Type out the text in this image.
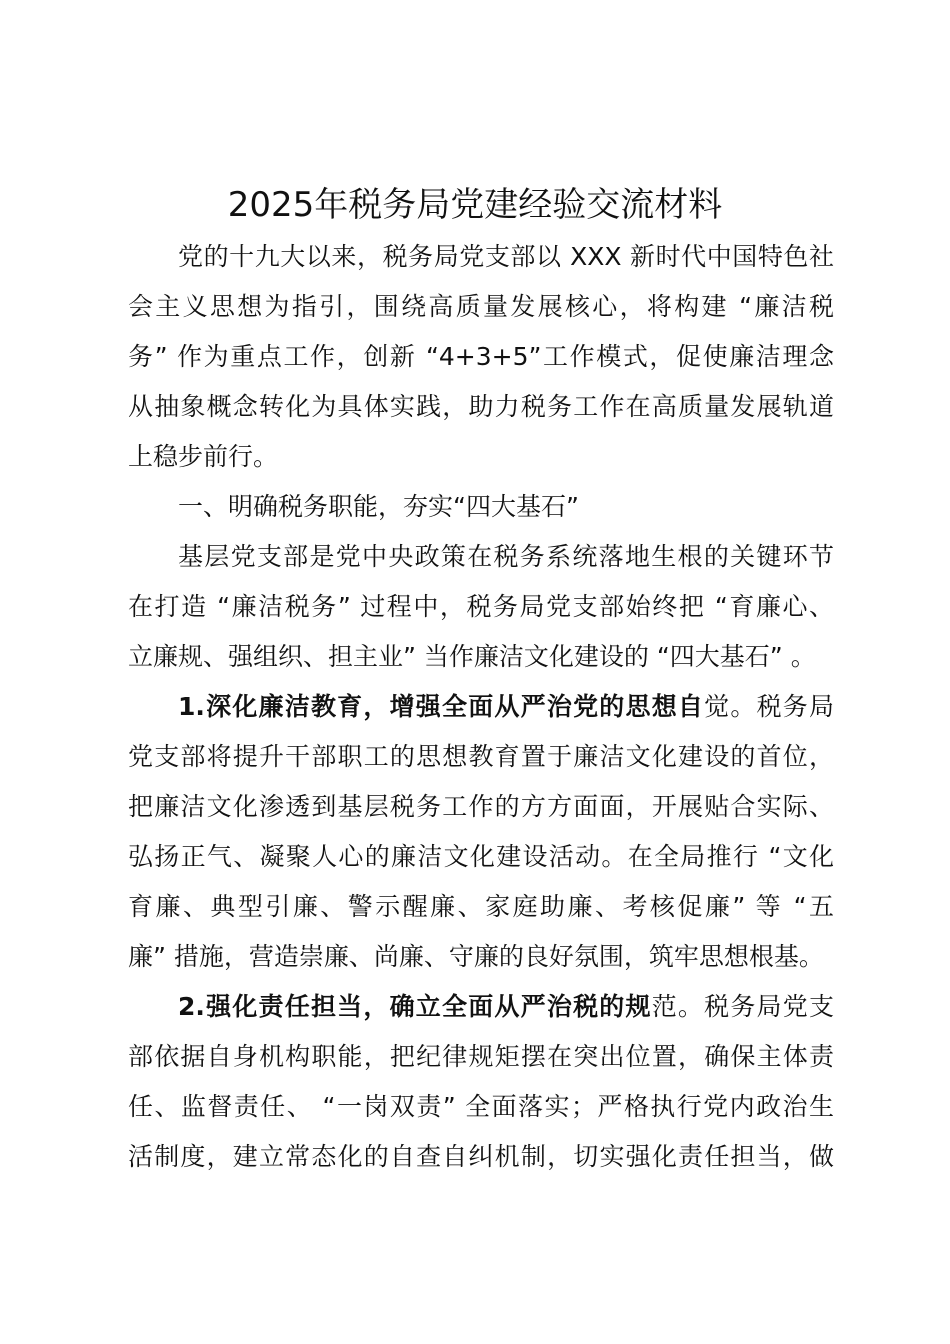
2025年税务局党建经验交流材料

党的十九大以来，税务局党支部以 XXX 新时代中国特色社
会主义思想为指引，围绕高质量发展核心，将构建 “廉洁税
务” 作为重点工作，创新 “4+3+5”工作模式，促使廉洁理念
从抽象概念转化为具体实践，助力税务工作在高质量发展轨道
上稳步前行。

一、明确税务职能，夯实“四大基石”

基层党支部是党中央政策在税务系统落地生根的关键环节
在打造 “廉洁税务” 过程中，税务局党支部始终把 “育廉心、
立廉规、强组织、担主业” 当作廉洁文化建设的 “四大基石” 。

1.深化廉洁教育，增强全面从严治党的思想自觉。税务局
党支部将提升干部职工的思想教育置于廉洁文化建设的首位，
把廉洁文化渗透到基层税务工作的方方面面，开展贴合实际、
弘扬正气、凝聚人心的廉洁文化建设活动。在全局推行 “文化
育廉、典型引廉、警示醒廉、家庭助廉、考核促廉” 等 “五
廉” 措施，营造崇廉、尚廉、守廉的良好氛围，筑牢思想根基。

2.强化责任担当，确立全面从严治税的规范。税务局党支
部依据自身机构职能，把纪律规矩摆在突出位置，确保主体责
任、监督责任、 “一岗双责” 全面落实；严格执行党内政治生
活制度，建立常态化的自查自纠机制，切实强化责任担当，做
